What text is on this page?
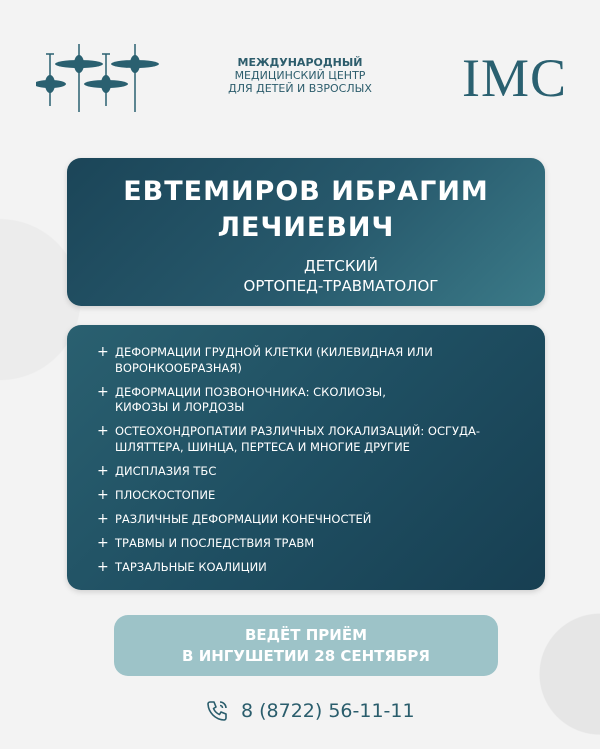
МЕЖДУНАРОДНЫЙ
МЕДИЦИНСКИЙ ЦЕНТР
ДЛЯ ДЕТЕЙ И ВЗРОСЛЫХ	IMC
ЕВТЕМИРОВ ИБРАГИМ
ЛЕЧИЕВИЧ
ДЕТСКИЙ
ОРТОПЕД-ТРАВМАТОЛОГ
+ ДЕФОРМАЦИИ ГРУДНОЙ КЛЕТКИ (КИЛЕВИДНАЯ ИЛИ ВОРОНКООБРАЗНАЯ)
+ ДЕФОРМАЦИИ ПОЗВОНОЧНИКА: СКОЛИОЗЫ, КИФОЗЫ И ЛОРДОЗЫ
+ ОСТЕОХОНДРОПАТИИ РАЗЛИЧНЫХ ЛОКАЛИЗАЦИЙ: ОСГУДА-ШЛЯТТЕРА, ШИНЦА, ПЕРТЕСА И МНОГИЕ ДРУГИЕ
+ ДИСПЛАЗИЯ ТБС
+ ПЛОСКОСТОПИЕ
+ РАЗЛИЧНЫЕ ДЕФОРМАЦИИ КОНЕЧНОСТЕЙ
+ ТРАВМЫ И ПОСЛЕДСТВИЯ ТРАВМ
+ ТАРЗАЛЬНЫЕ КОАЛИЦИИ
ВЕДЁТ ПРИЁМ
В ИНГУШЕТИИ 28 СЕНТЯБРЯ
8 (8722) 56-11-11
